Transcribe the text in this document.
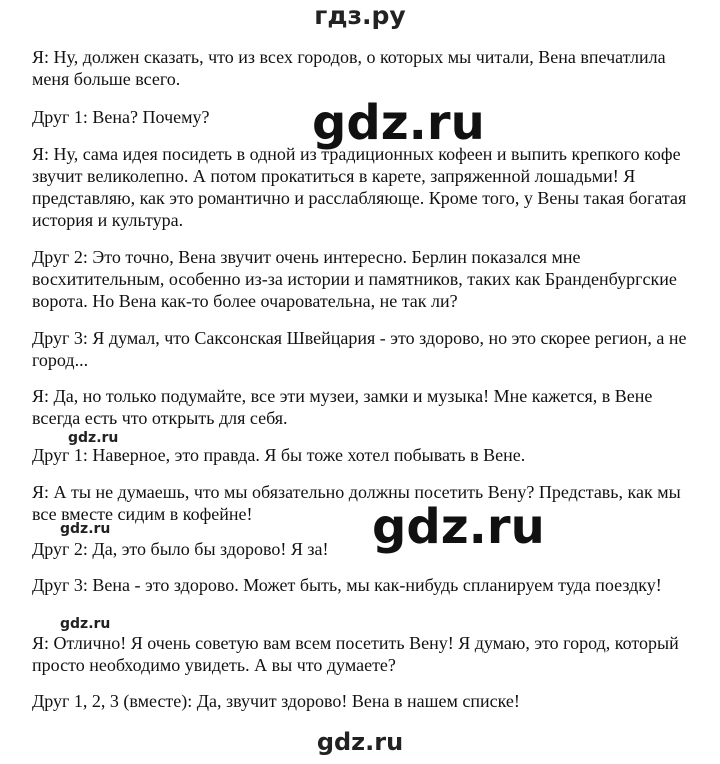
гдз.ру
Я: Ну, должен сказать, что из всех городов, о которых мы читали, Вена впечатлила меня больше всего.
Друг 1: Вена? Почему?
Я: Ну, сама идея посидеть в одной из традиционных кофеен и выпить крепкого кофе звучит великолепно. А потом прокатиться в карете, запряженной лошадьми! Я представляю, как это романтично и расслабляюще. Кроме того, у Вены такая богатая история и культура.
Друг 2: Это точно, Вена звучит очень интересно. Берлин показался мне восхитительным, особенно из-за истории и памятников, таких как Бранденбургские ворота. Но Вена как-то более очаровательна, не так ли?
Друг 3: Я думал, что Саксонская Швейцария - это здорово, но это скорее регион, а не город...
Я: Да, но только подумайте, все эти музеи, замки и музыка! Мне кажется, в Вене всегда есть что открыть для себя.
Друг 1: Наверное, это правда. Я бы тоже хотел побывать в Вене.
Я: А ты не думаешь, что мы обязательно должны посетить Вену? Представь, как мы все вместе сидим в кофейне!
Друг 2: Да, это было бы здорово! Я за!
Друг 3: Вена - это здорово. Может быть, мы как-нибудь спланируем туда поездку!
Я: Отлично! Я очень советую вам всем посетить Вену! Я думаю, это город, который просто необходимо увидеть. А вы что думаете?
Друг 1, 2, 3 (вместе): Да, звучит здорово! Вена в нашем списке!
gdz.ru
gdz.ru
gdz.ru
gdz.ru
gdz.ru
gdz.ru
